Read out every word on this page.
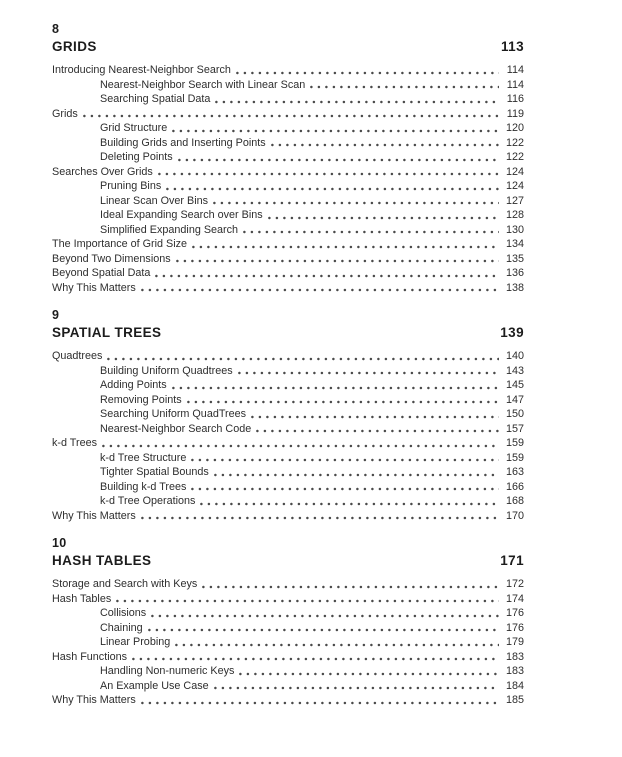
8
GRIDS	113
Introducing Nearest-Neighbor Search	114
Nearest-Neighbor Search with Linear Scan	114
Searching Spatial Data	116
Grids	119
Grid Structure	120
Building Grids and Inserting Points	122
Deleting Points	122
Searches Over Grids	124
Pruning Bins	124
Linear Scan Over Bins	127
Ideal Expanding Search over Bins	128
Simplified Expanding Search	130
The Importance of Grid Size	134
Beyond Two Dimensions	135
Beyond Spatial Data	136
Why This Matters	138
9
SPATIAL TREES	139
Quadtrees	140
Building Uniform Quadtrees	143
Adding Points	145
Removing Points	147
Searching Uniform QuadTrees	150
Nearest-Neighbor Search Code	157
k-d Trees	159
k-d Tree Structure	159
Tighter Spatial Bounds	163
Building k-d Trees	166
k-d Tree Operations	168
Why This Matters	170
10
HASH TABLES	171
Storage and Search with Keys	172
Hash Tables	174
Collisions	176
Chaining	176
Linear Probing	179
Hash Functions	183
Handling Non-numeric Keys	183
An Example Use Case	184
Why This Matters	185
